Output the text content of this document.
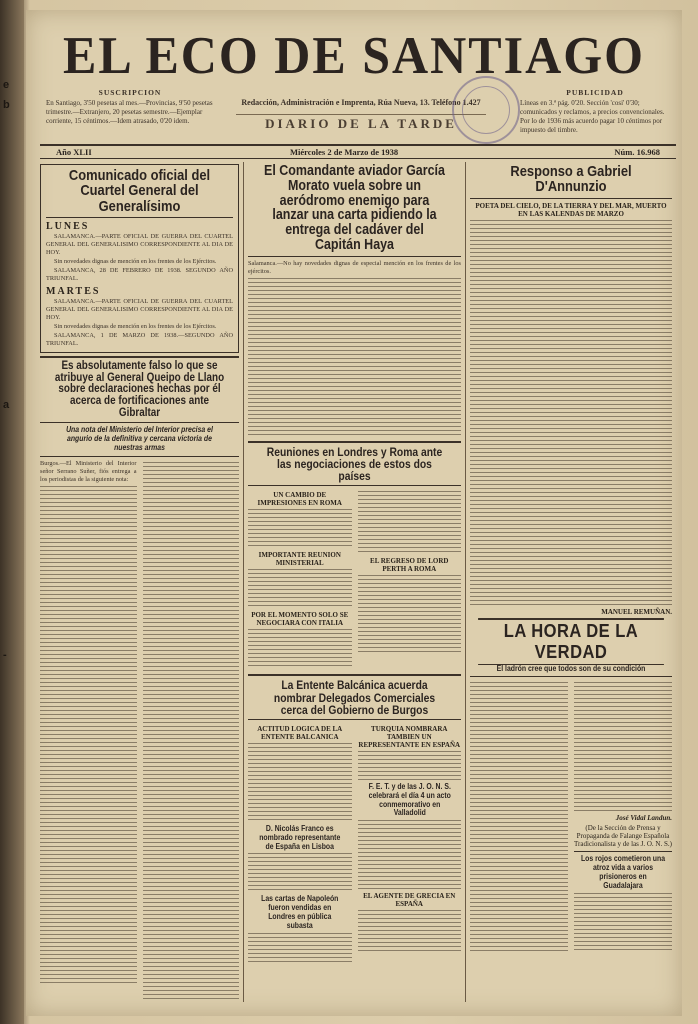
e
b
a
-
EL ECO DE SANTIAGO
SUSCRIPCION
En Santiago, 3'50 pesetas al mes.—Provincias, 9'50 pesetas trimestre.—Extranjero, 20 pesetas semestre.—Ejemplar corriente, 15 céntimos.—Idem atrasado, 0'20 idem.
Redacción, Administración e Imprenta, Rúa Nueva, 13. Teléfono 1.427
DIARIO DE LA TARDE
PUBLICIDAD
Líneas en 3.ª pág. 0'20. Sección 'cosi' 0'30; comunicados y reclamos, a precios convencionales. Por lo de 1936 más acuerdo pagar 10 céntimos por impuesto del timbre.
Año XLII	Miércoles 2 de Marzo de 1938	Núm. 16.968
Comunicado oficial del Cuartel General del Generalísimo
LUNES

SALAMANCA.—PARTE OFICIAL DE GUERRA DEL CUARTEL GENERAL DEL GENERALISIMO CORRESPONDIENTE AL DIA DE HOY.

Sin novedades dignas de mención en los frentes de los Ejércitos.

SALAMANCA, 28 DE FEBRERO DE 1938. SEGUNDO AÑO TRIUNFAL.

MARTES

SALAMANCA.—PARTE OFICIAL DE GUERRA DEL CUARTEL GENERAL DEL GENERALISIMO CORRESPONDIENTE AL DIA DE HOY.

Sin novedades dignas de mención en los frentes de los Ejércitos.

SALAMANCA, 1 DE MARZO DE 1938.—SEGUNDO AÑO TRIUNFAL.

Es absolutamente falso lo que se atribuye al General Queipo de Llano sobre declaraciones hechas por él acerca de fortificaciones ante Gibraltar
Una nota del Ministerio del Interior precisa el angurio de la definitiva y cercana victoria de nuestras armas
Burgos.—El Ministerio del Interior señor Serrano Suñer, fiós entrega a los periodistas de la siguiente nota:
El Comandante aviador García Morato vuela sobre un aeródromo enemigo para lanzar una carta pidiendo la entrega del cadáver del Capitán Haya
Salamanca.—No hay novedades dignas de especial mención en los frentes de los ejércitos.
Reuniones en Londres y Roma ante las negociaciones de estos dos países
UN CAMBIO DE IMPRESIONES EN ROMA
IMPORTANTE REUNION MINISTERIAL
POR EL MOMENTO SOLO SE NEGOCIARA CON ITALIA
EL REGRESO DE LORD PERTH A ROMA
La Entente Balcánica acuerda nombrar Delegados Comerciales cerca del Gobierno de Burgos
ACTITUD LOGICA DE LA ENTENTE BALCANICA
D. Nicolás Franco es nombrado representante de España en Lisboa
Las cartas de Napoleón fueron vendidas en Londres en pública subasta
TURQUIA NOMBRARA TAMBIEN UN REPRESENTANTE EN ESPAÑA
F. E. T. y de las J. O. N. S. celebrará el día 4 un acto conmemorativo en Valladolid
EL AGENTE DE GRECIA EN ESPAÑA
Responso a Gabriel D'Annunzio
POETA DEL CIELO, DE LA TIERRA Y DEL MAR, MUERTO EN LAS KALENDAS DE MARZO
MANUEL REMUÑAN.
LA HORA DE LA VERDAD
El ladrón cree que todos son de su condición
José Vidal Landun.
(De la Sección de Prensa y Propaganda de Falange Española Tradicionalista y de las J. O. N. S.)
Los rojos cometieron una atroz vida a varios prisioneros en Guadalajara
